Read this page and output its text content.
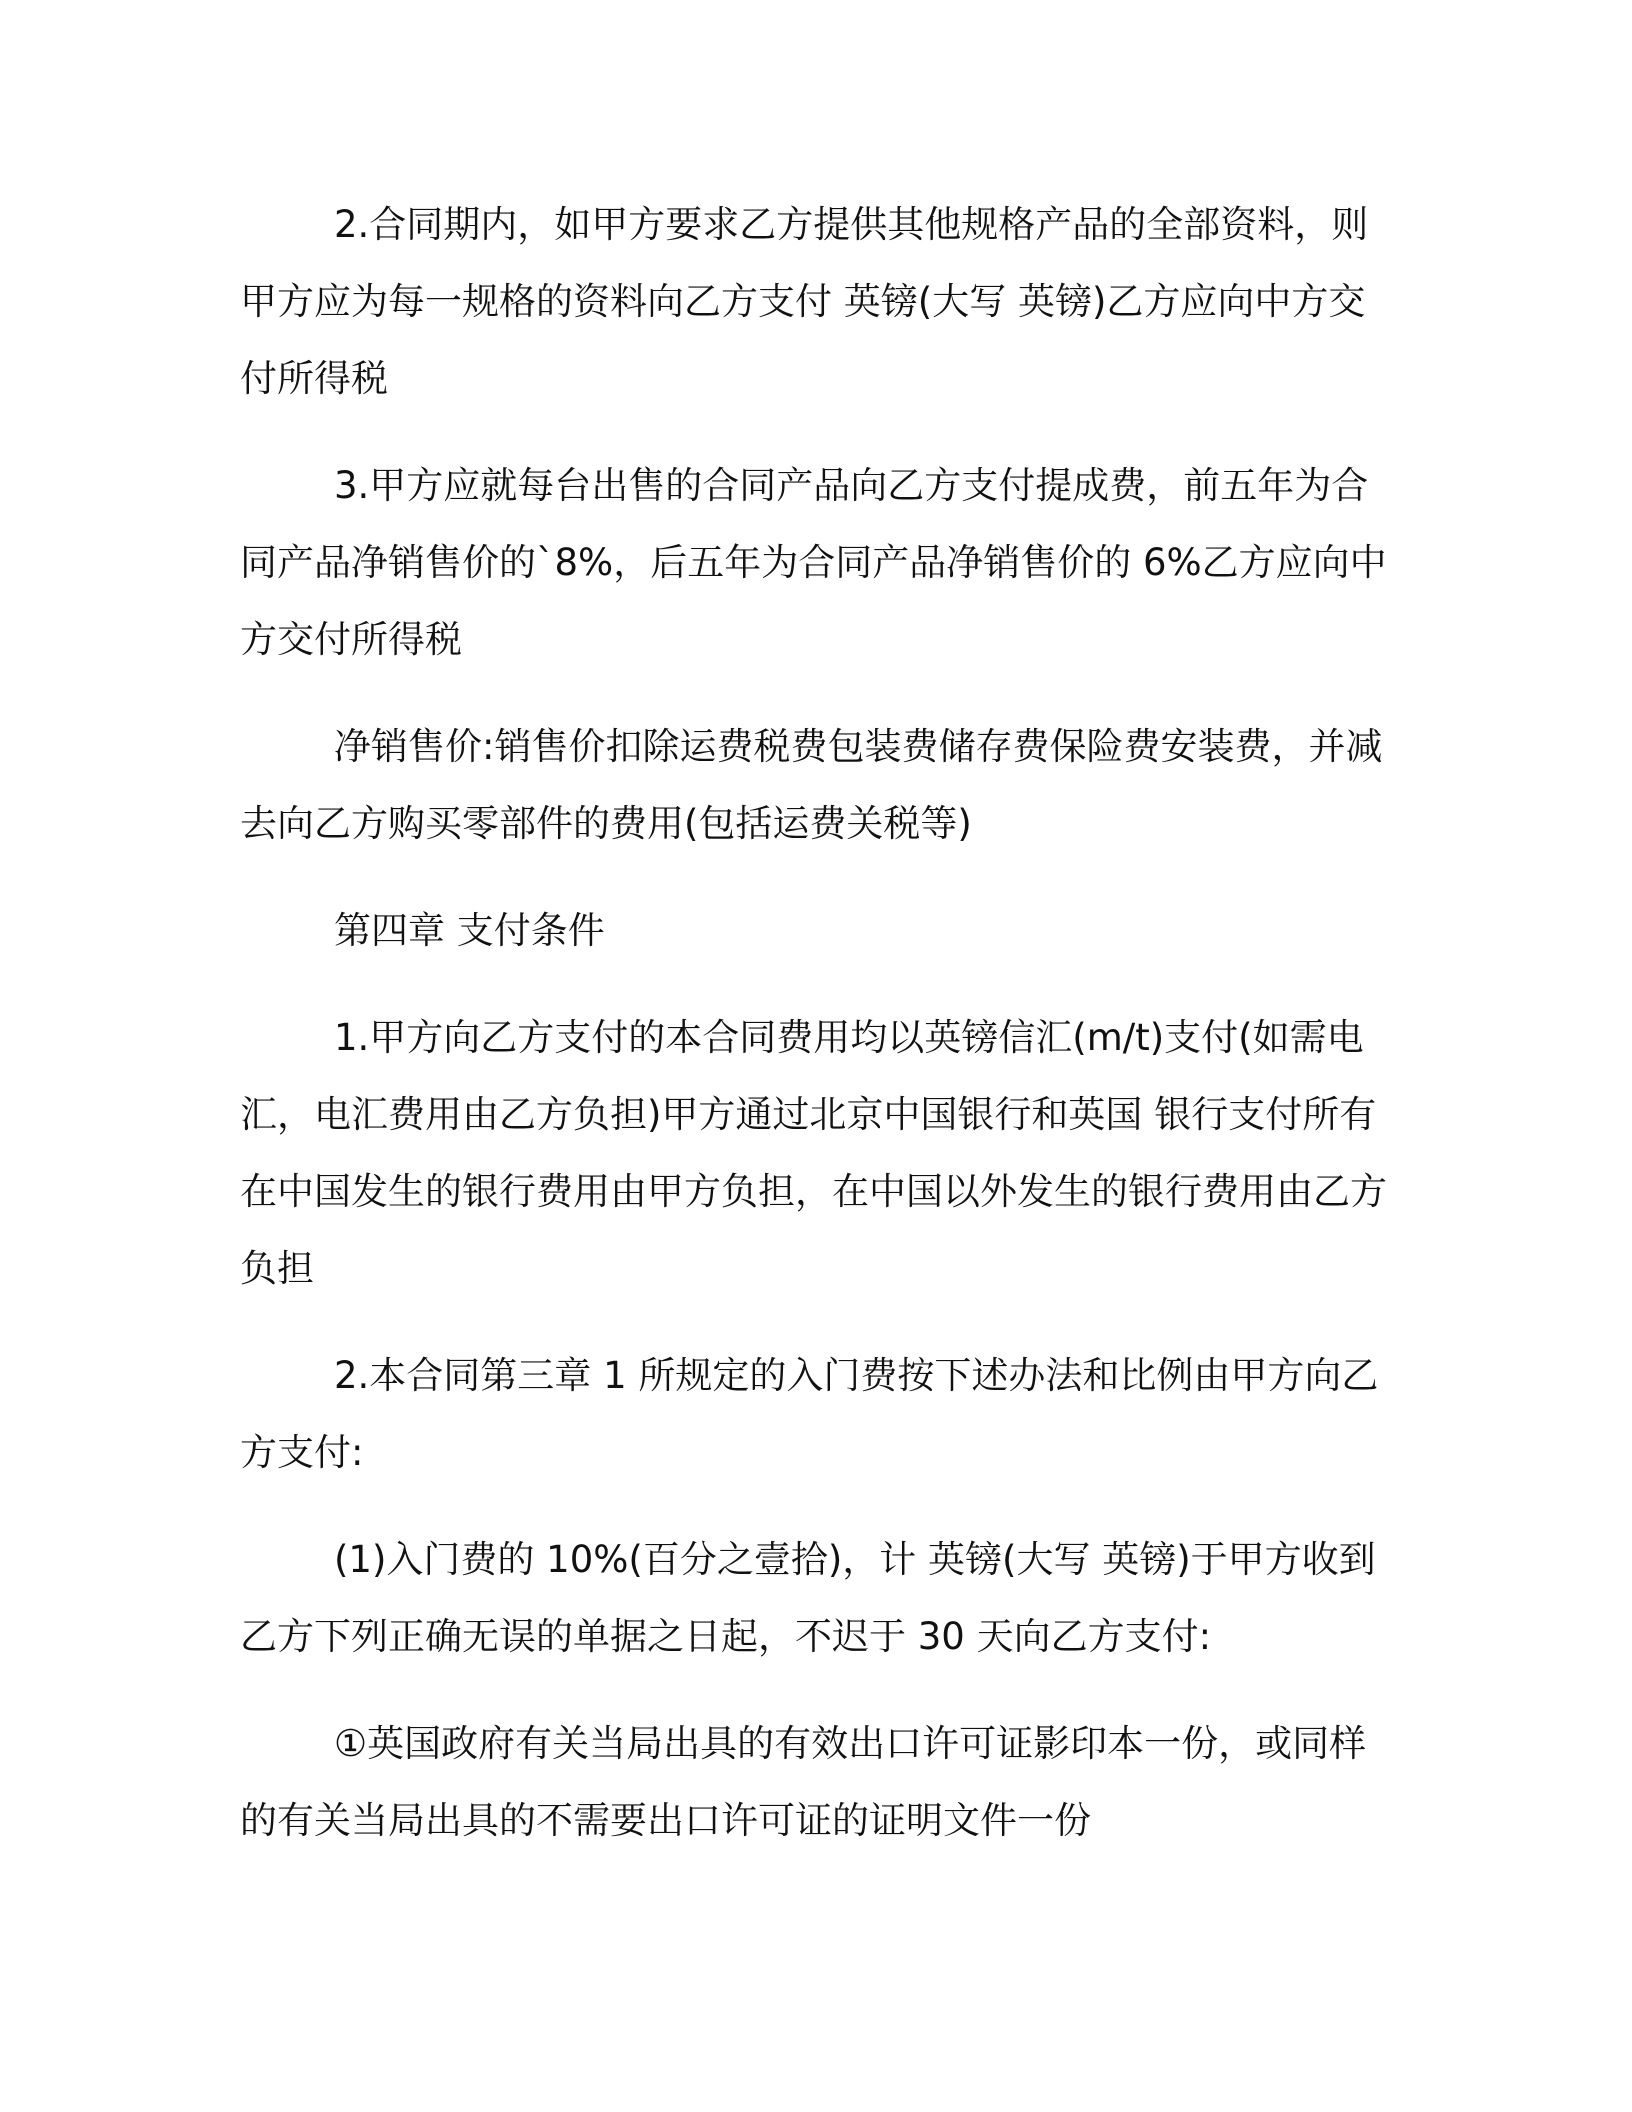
2.合同期内，如甲方要求乙方提供其他规格产品的全部资料，则甲方应为每一规格的资料向乙方支付 英镑(大写 英镑)乙方应向中方交付所得税

3.甲方应就每台出售的合同产品向乙方支付提成费，前五年为合同产品净销售价的`8%，后五年为合同产品净销售价的 6%乙方应向中方交付所得税

净销售价:销售价扣除运费税费包装费储存费保险费安装费，并减去向乙方购买零部件的费用(包括运费关税等)

第四章 支付条件

1.甲方向乙方支付的本合同费用均以英镑信汇(m/t)支付(如需电汇，电汇费用由乙方负担)甲方通过北京中国银行和英国 银行支付所有在中国发生的银行费用由甲方负担，在中国以外发生的银行费用由乙方负担

2.本合同第三章 1 所规定的入门费按下述办法和比例由甲方向乙方支付:

(1)入门费的 10%(百分之壹拾)，计 英镑(大写 英镑)于甲方收到乙方下列正确无误的单据之日起，不迟于 30 天向乙方支付:

①英国政府有关当局出具的有效出口许可证影印本一份，或同样的有关当局出具的不需要出口许可证的证明文件一份
